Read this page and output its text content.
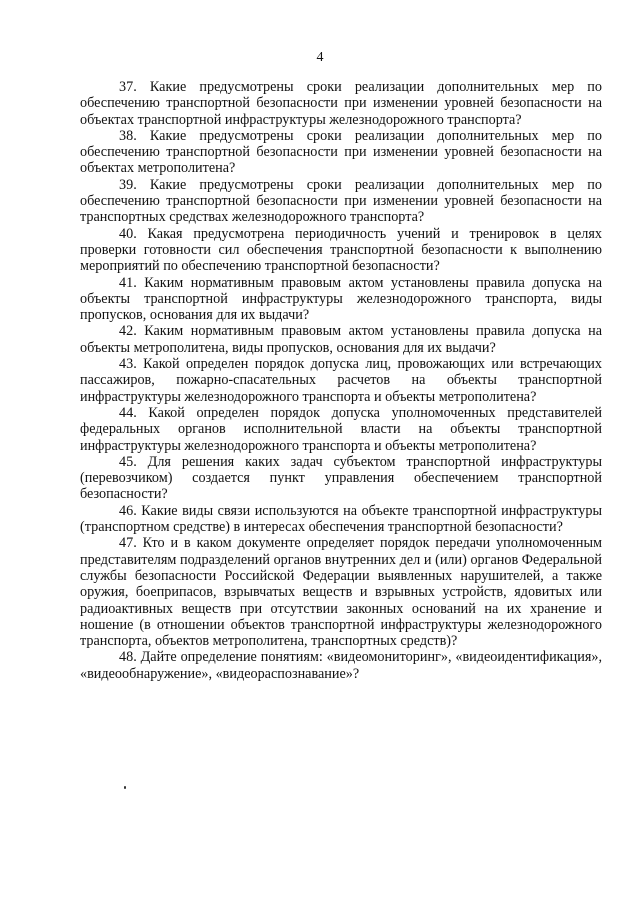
4

37. Какие предусмотрены сроки реализации дополнительных мер по обеспечению транспортной безопасности при изменении уровней безопасности на объектах транспортной инфраструктуры железнодорожного транспорта?

38. Какие предусмотрены сроки реализации дополнительных мер по обеспечению транспортной безопасности при изменении уровней безопасности на объектах метрополитена?

39. Какие предусмотрены сроки реализации дополнительных мер по обеспечению транспортной безопасности при изменении уровней безопасности на транспортных средствах железнодорожного транспорта?

40. Какая предусмотрена периодичность учений и тренировок в целях проверки готовности сил обеспечения транспортной безопасности к выполнению мероприятий по обеспечению транспортной безопасности?

41. Каким нормативным правовым актом установлены правила допуска на объекты транспортной инфраструктуры железнодорожного транспорта, виды пропусков, основания для их выдачи?

42. Каким нормативным правовым актом установлены правила допуска на объекты метрополитена, виды пропусков, основания для их выдачи?

43. Какой определен порядок допуска лиц, провожающих или встречающих пассажиров, пожарно-спасательных расчетов на объекты транспортной инфраструктуры железнодорожного транспорта и объекты метрополитена?

44. Какой определен порядок допуска уполномоченных представителей федеральных органов исполнительной власти на объекты транспортной инфраструктуры железнодорожного транспорта и объекты метрополитена?

45. Для решения каких задач субъектом транспортной инфраструктуры (перевозчиком) создается пункт управления обеспечением транспортной безопасности?

46. Какие виды связи используются на объекте транспортной инфраструктуры (транспортном средстве) в интересах обеспечения транспортной безопасности?

47. Кто и в каком документе определяет порядок передачи уполномоченным представителям подразделений органов внутренних дел и (или) органов Федеральной службы безопасности Российской Федерации выявленных нарушителей, а также оружия, боеприпасов, взрывчатых веществ и взрывных устройств, ядовитых или радиоактивных веществ при отсутствии законных оснований на их хранение и ношение (в отношении объектов транспортной инфраструктуры железнодорожного транспорта, объектов метрополитена, транспортных средств)?

48. Дайте определение понятиям: «видеомониторинг», «видеоидентификация», «видеообнаружение», «видеораспознавание»?
